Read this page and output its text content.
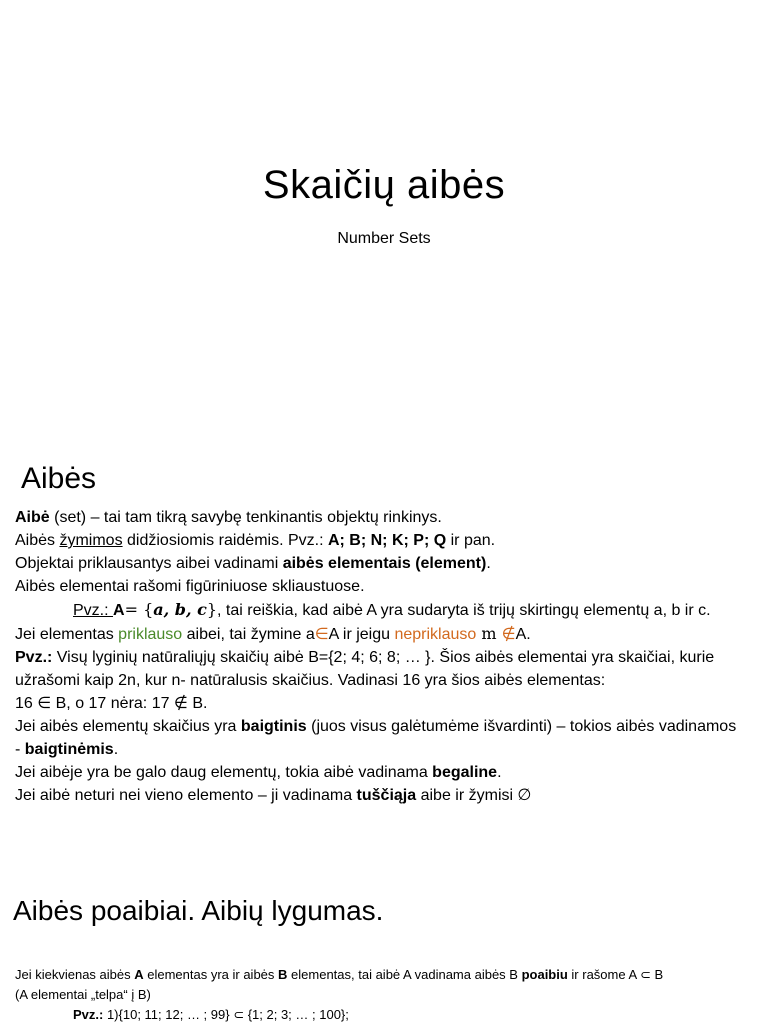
Skaičių aibės
Number Sets
Aibės

Aibė (set) – tai tam tikrą savybę tenkinantis objektų rinkinys.

Aibės žymimos didžiosiomis raidėmis. Pvz.: A; B; N; K; P; Q ir pan.

Objektai priklausantys aibei vadinami aibės elementais (element).

Aibės elementai rašomi figūriniuose skliaustuose.

Pvz.: A= {a, b, c}, tai reiškia, kad aibė A yra sudaryta iš trijų skirtingų elementų a, b ir c.

Jei elementas priklauso aibei, tai žymine a∈A ir jeigu nepriklauso m ∉A.

Pvz.: Visų lyginių natūraliųjų skaičių aibė B={2; 4; 6; 8; … }. Šios aibės elementai yra skaičiai, kurie užrašomi kaip 2n, kur n- natūralusis skaičius. Vadinasi 16 yra šios aibės elementas:

16 ∈ B, o 17 nėra: 17 ∉ B.

Jei aibės elementų skaičius yra baigtinis (juos visus galėtumėme išvardinti) – tokios aibės vadinamos - baigtinėmis.

Jei aibėje yra be galo daug elementų, tokia aibė vadinama begaline.

Jei aibė neturi nei vieno elemento – ji vadinama tuščiąja aibe ir žymisi ∅

Aibės poaibiai. Aibių lygumas.

Jei kiekvienas aibės A elementas yra ir aibės B elementas, tai aibė A vadinama aibės B poaibiu ir rašome A ⊂ B

(A elementai „telpa“ į B)

Pvz.: 1){10; 11; 12; … ; 99} ⊂ {1; 2; 3; … ; 100};
